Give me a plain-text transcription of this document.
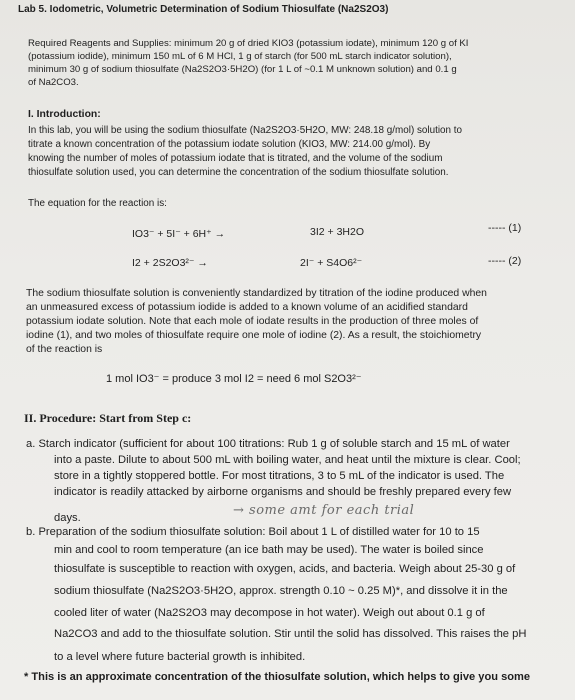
Lab 5. Iodometric, Volumetric Determination of Sodium Thiosulfate (Na2S2O3)
Required Reagents and Supplies: minimum 20 g of dried KIO3 (potassium iodate), minimum 120 g of KI
(potassium iodide), minimum 150 mL of 6 M HCl, 1 g of starch (for 500 mL starch indicator solution),
minimum 30 g of sodium thiosulfate (Na2S2O3·5H2O) (for 1 L of ~0.1 M unknown solution) and 0.1 g
of Na2CO3.
I. Introduction:
In this lab, you will be using the sodium thiosulfate (Na2S2O3·5H2O, MW: 248.18 g/mol) solution to
titrate a known concentration of the potassium iodate solution (KIO3, MW: 214.00 g/mol). By
knowing the number of moles of potassium iodate that is titrated, and the volume of the sodium
thiosulfate solution used, you can determine the concentration of the sodium thiosulfate solution.
The equation for the reaction is:
IO3⁻ + 5I⁻ + 6H⁺ →	3I2 + 3H2O	----- (1)
I2 + 2S2O3²⁻ →	2I⁻ + S4O6²⁻	----- (2)
The sodium thiosulfate solution is conveniently standardized by titration of the iodine produced when
an unmeasured excess of potassium iodide is added to a known volume of an acidified standard
potassium iodate solution. Note that each mole of iodate results in the production of three moles of
iodine (1), and two moles of thiosulfate require one mole of iodine (2). As a result, the stoichiometry
of the reaction is
1 mol IO3⁻ = produce 3 mol I2 = need 6 mol S2O3²⁻
II. Procedure: Start from Step c:
a. Starch indicator (sufficient for about 100 titrations: Rub 1 g of soluble starch and 15 mL of water
into a paste. Dilute to about 500 mL with boiling water, and heat until the mixture is clear. Cool;
store in a tightly stoppered bottle. For most titrations, 3 to 5 mL of the indicator is used. The
indicator is readily attacked by airborne organisms and should be freshly prepared every few
days.	→ some amt for each trial
b. Preparation of the sodium thiosulfate solution: Boil about 1 L of distilled water for 10 to 15
min and cool to room temperature (an ice bath may be used). The water is boiled since
thiosulfate is susceptible to reaction with oxygen, acids, and bacteria. Weigh about 25-30 g of
sodium thiosulfate (Na2S2O3·5H2O, approx. strength 0.10 ~ 0.25 M)*, and dissolve it in the
cooled liter of water (Na2S2O3 may decompose in hot water). Weigh out about 0.1 g of
Na2CO3 and add to the thiosulfate solution. Stir until the solid has dissolved. This raises the pH
to a level where future bacterial growth is inhibited.
* This is an approximate concentration of the thiosulfate solution, which helps to give you some
